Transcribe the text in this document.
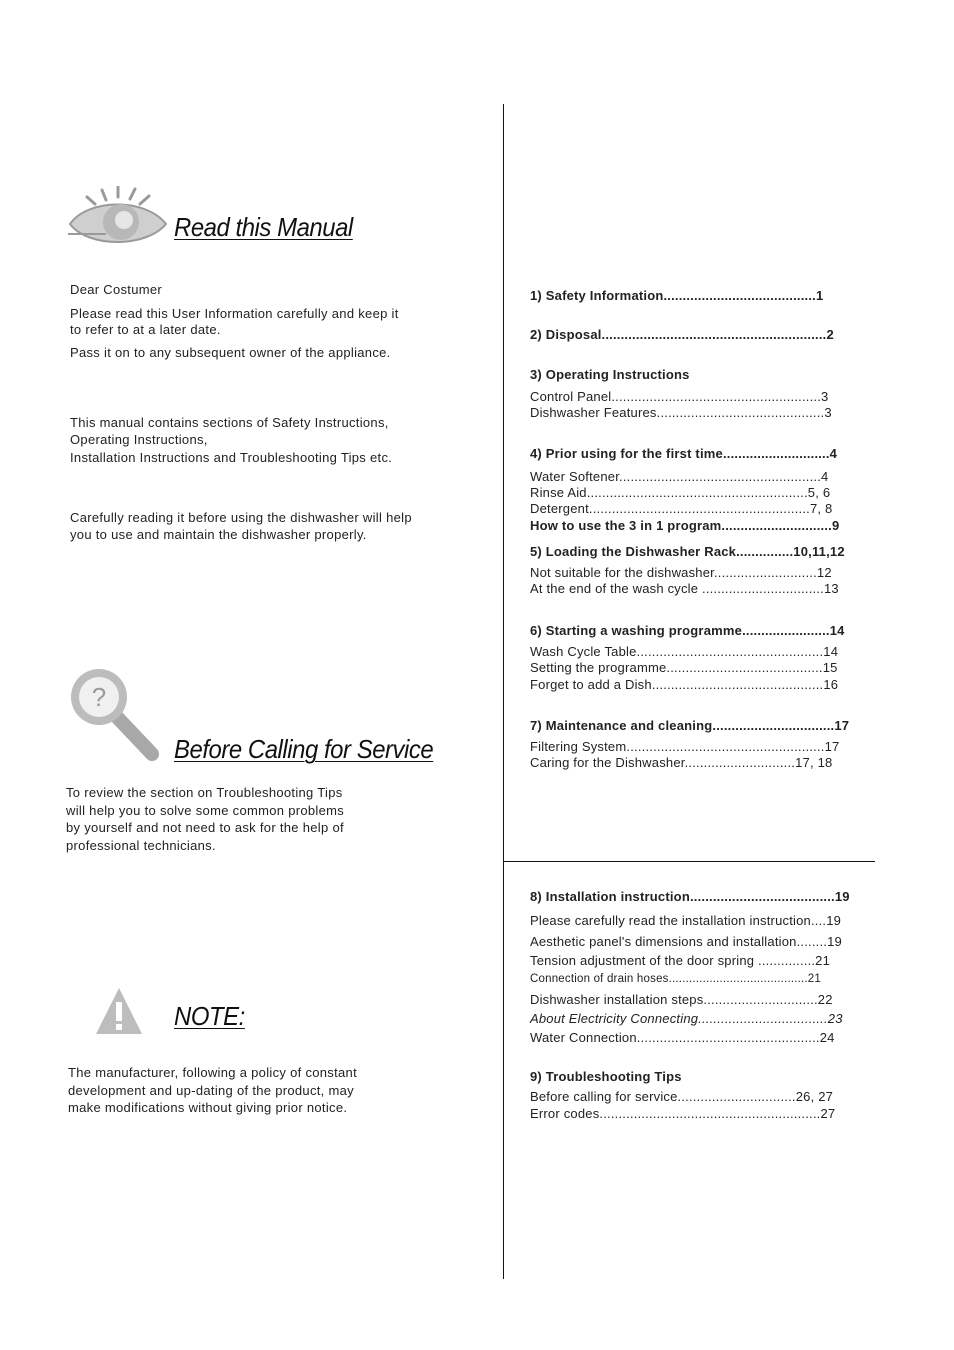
Read this Manual

Dear Costumer

Please read this User Information carefully and keep it

to refer to at a later date.

Pass it on to any subsequent owner of the appliance.

This manual contains sections of Safety Instructions,

Operating Instructions,

Installation Instructions and Troubleshooting Tips etc.

Carefully reading it before using the dishwasher will help

you to use and maintain the dishwasher properly.

?
Before Calling for Service

To review the section on Troubleshooting Tips

will help you to solve some common problems

by yourself and not need to ask for the help of

professional technicians.

NOTE:

The manufacturer, following a policy of constant

development and up-dating of the product, may

make modifications without giving prior notice.

1) Safety Information........................................1
2) Disposal...........................................................2
3) Operating Instructions
Control Panel.......................................................3
Dishwasher Features............................................3
4) Prior using for the first time............................4
Water Softener.....................................................4
Rinse Aid..........................................................5, 6
Detergent..........................................................7, 8
How to use the 3 in 1 program.............................9
5) Loading the Dishwasher Rack...............10,11,12
Not suitable for the dishwasher...........................12
At the end of the wash cycle ................................13
6) Starting a washing programme.......................14
Wash Cycle Table.................................................14
Setting the programme.........................................15
Forget to add a Dish.............................................16
7) Maintenance and cleaning................................17
Filtering System....................................................17
Caring for the Dishwasher.............................17, 18
8) Installation instruction......................................19
Please carefully read the installation instruction....19
Aesthetic panel's dimensions and installation........19
Tension adjustment of the door spring ...............21
Connection of drain hoses.........................................21
Dishwasher installation steps..............................22
About Electricity Connecting..................................23
Water Connection................................................24
9) Troubleshooting Tips
Before calling for service...............................26, 27
Error codes..........................................................27
